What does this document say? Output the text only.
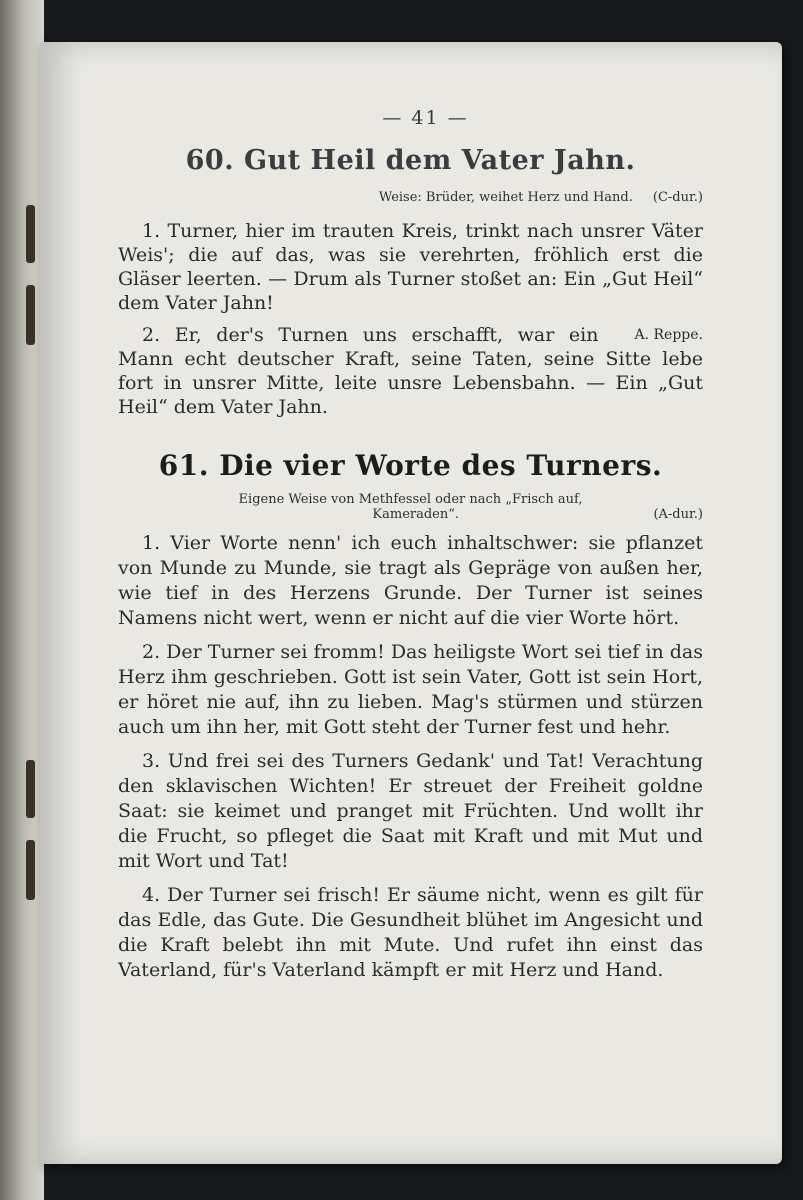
— 41 —
60. Gut Heil dem Vater Jahn.
Weise: Brüder, weihet Herz und Hand. (C-dur.)
1. Turner, hier im trauten Kreis, trinkt nach unsrer Väter Weis'; die auf das, was sie verehrten, fröhlich erst die Gläser leerten. — Drum als Turner stoßet an: Ein „Gut Heil“ dem Vater Jahn!
A. Reppe.
2. Er, der's Turnen uns erschafft, war ein Mann echt deutscher Kraft, seine Taten, seine Sitte lebe fort in unsrer Mitte, leite unsre Lebensbahn. — Ein „Gut Heil“ dem Vater Jahn.
61. Die vier Worte des Turners.
Eigene Weise von Methfessel oder nach „Frisch auf,
Kameraden“.	(A-dur.)
1. Vier Worte nenn' ich euch inhaltschwer: sie pflanzet von Munde zu Munde, sie tragt als Gepräge von außen her, wie tief in des Herzens Grunde. Der Turner ist seines Namens nicht wert, wenn er nicht auf die vier Worte hört.
2. Der Turner sei fromm! Das heiligste Wort sei tief in das Herz ihm geschrieben. Gott ist sein Vater, Gott ist sein Hort, er höret nie auf, ihn zu lieben. Mag's stürmen und stürzen auch um ihn her, mit Gott steht der Turner fest und hehr.
3. Und frei sei des Turners Gedank' und Tat! Verachtung den sklavischen Wichten! Er streuet der Freiheit goldne Saat: sie keimet und pranget mit Früchten. Und wollt ihr die Frucht, so pfleget die Saat mit Kraft und mit Mut und mit Wort und Tat!
4. Der Turner sei frisch! Er säume nicht, wenn es gilt für das Edle, das Gute. Die Gesundheit blühet im Angesicht und die Kraft belebt ihn mit Mute. Und rufet ihn einst das Vaterland, für's Vaterland kämpft er mit Herz und Hand.
